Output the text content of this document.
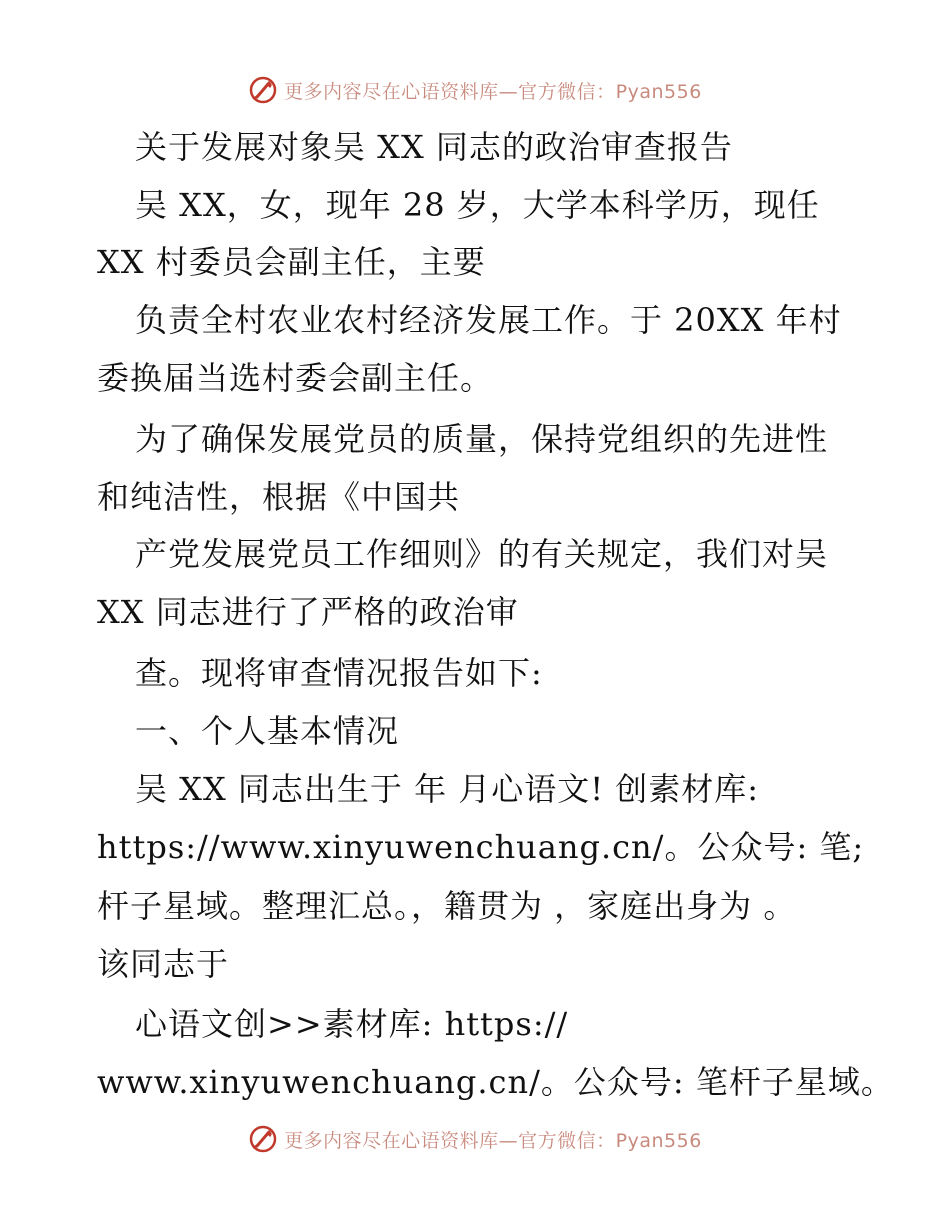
更多内容尽在心语资料库—官方微信：Pyan556
关于发展对象吴 XX 同志的政治审查报告
吴 XX，女，现年 28 岁，大学本科学历，现任
XX 村委员会副主任，主要
负责全村农业农村经济发展工作。于 20XX 年村
委换届当选村委会副主任。
为了确保发展党员的质量，保持党组织的先进性
和纯洁性，根据《中国共
产党发展党员工作细则》的有关规定，我们对吴
XX 同志进行了严格的政治审
查。现将审查情况报告如下:
一、个人基本情况
吴 XX 同志出生于 年 月心语文! 创素材库:
https://www.xinyuwenchuang.cn/。公众号: 笔;
杆子星域。整理汇总。，籍贯为 ，家庭出身为 。
该同志于
心语文创>>素材库: https://
www.xinyuwenchuang.cn/。公众号: 笔杆子星域。
更多内容尽在心语资料库—官方微信：Pyan556
